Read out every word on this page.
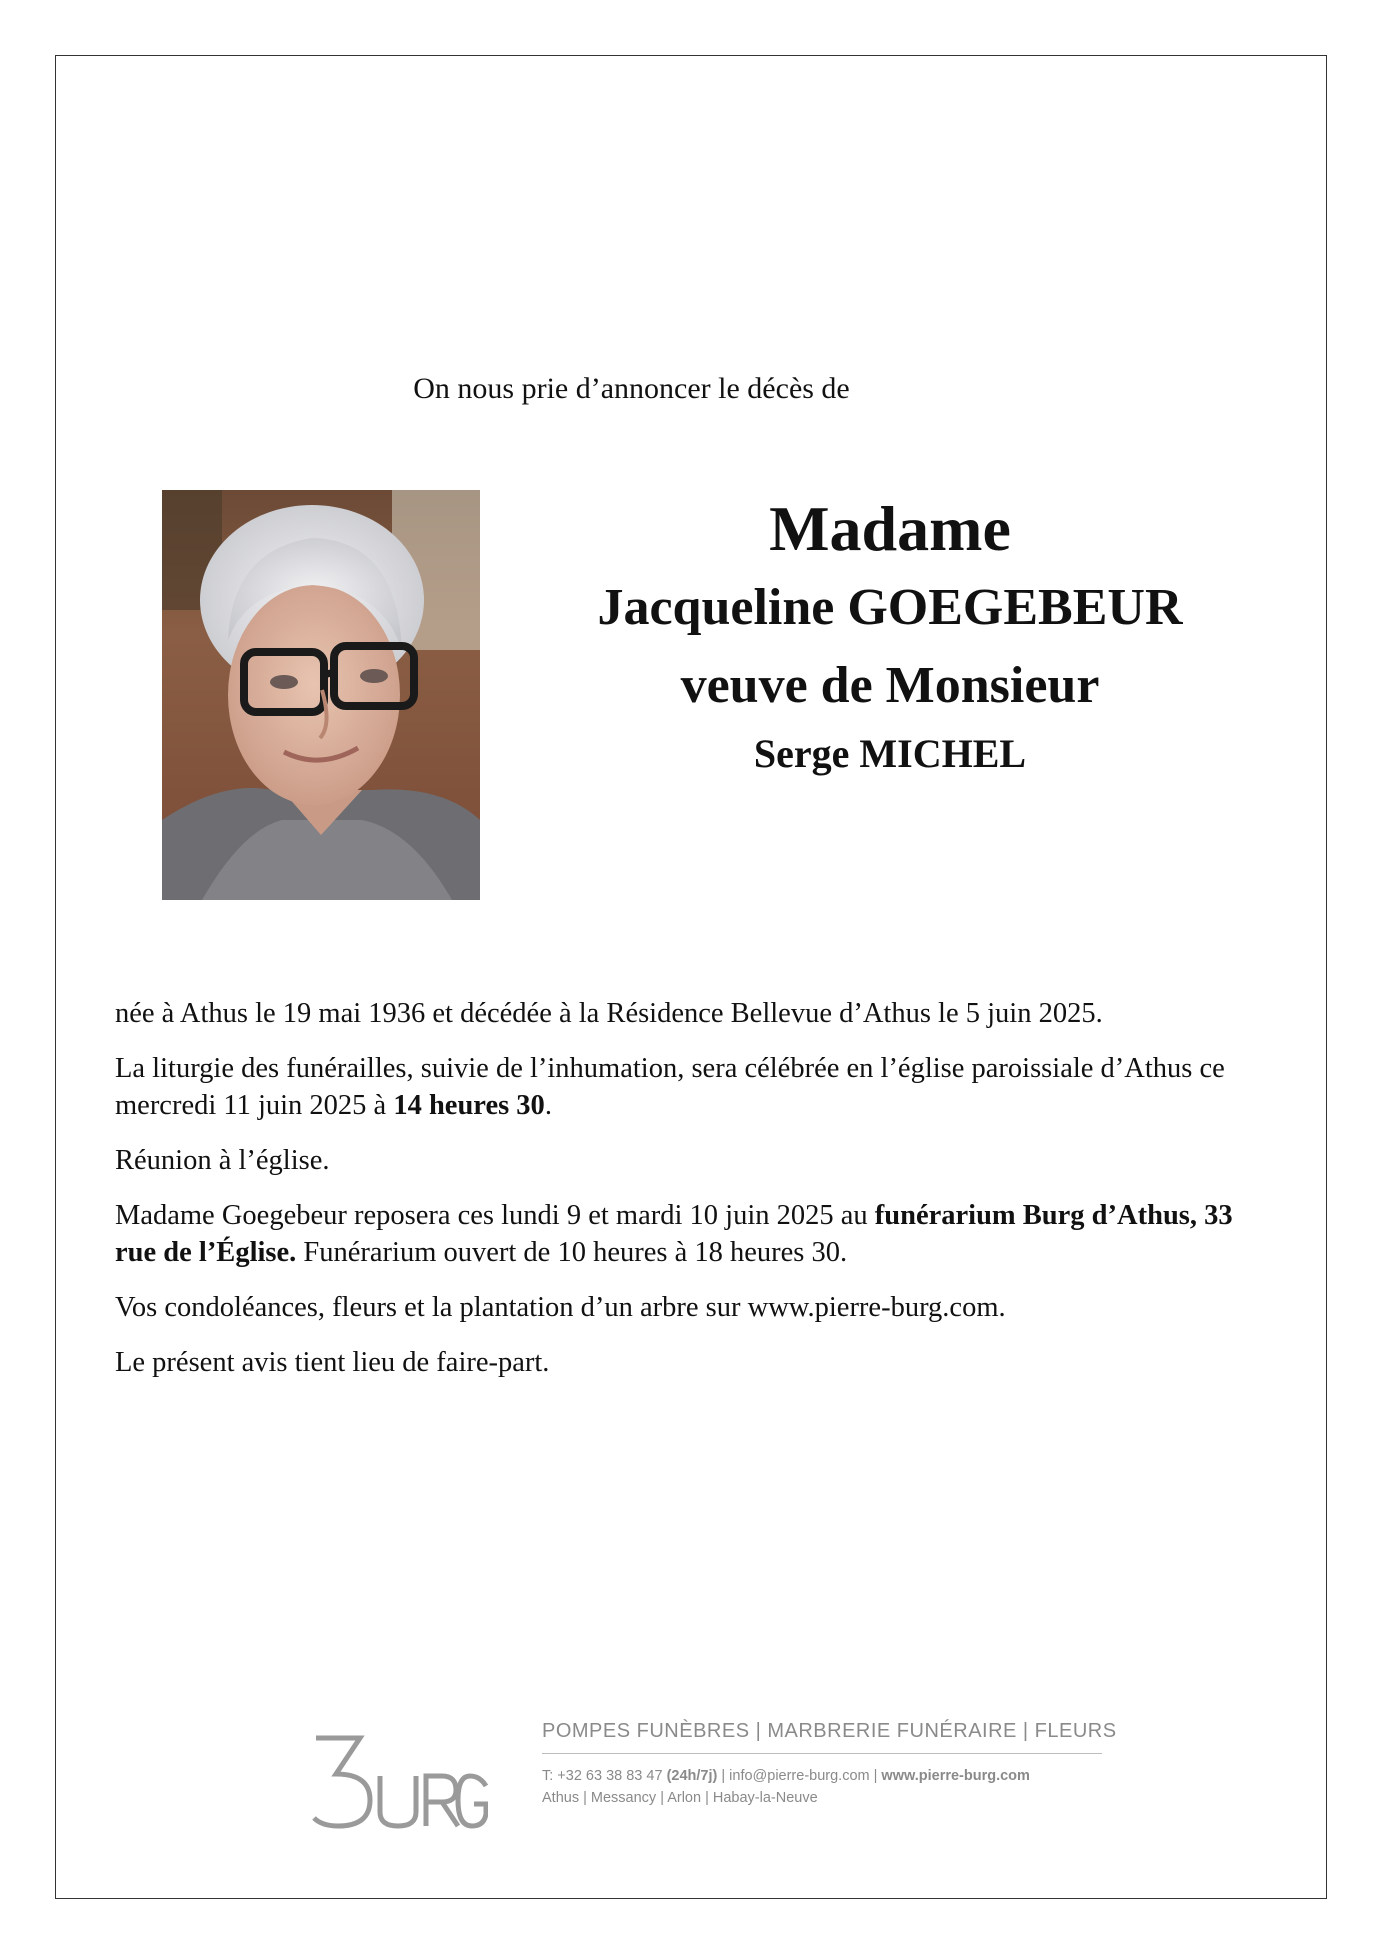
On nous prie d’annoncer le décès de
Madame
Jacqueline GOEGEBEUR
veuve de Monsieur
Serge MICHEL

née à Athus le 19 mai 1936 et décédée à la Résidence Bellevue d’Athus le 5 juin 2025.

La liturgie des funérailles, suivie de l’inhumation, sera célébrée en l’église paroissiale d’Athus ce mercredi 11 juin 2025 à 14 heures 30.

Réunion à l’église.

Madame Goegebeur reposera ces lundi 9 et mardi 10 juin 2025 au funérarium Burg d’Athus, 33 rue de l’Église. Funérarium ouvert de 10 heures à 18 heures 30.

Vos condoléances, fleurs et la plantation d’un arbre sur www.pierre-burg.com.

Le présent avis tient lieu de faire-part.

POMPES FUNÈBRES | MARBRERIE FUNÉRAIRE | FLEURS
T: +32 63 38 83 47 (24h/7j) | info@pierre-burg.com | www.pierre-burg.com
Athus | Messancy | Arlon | Habay-la-Neuve
